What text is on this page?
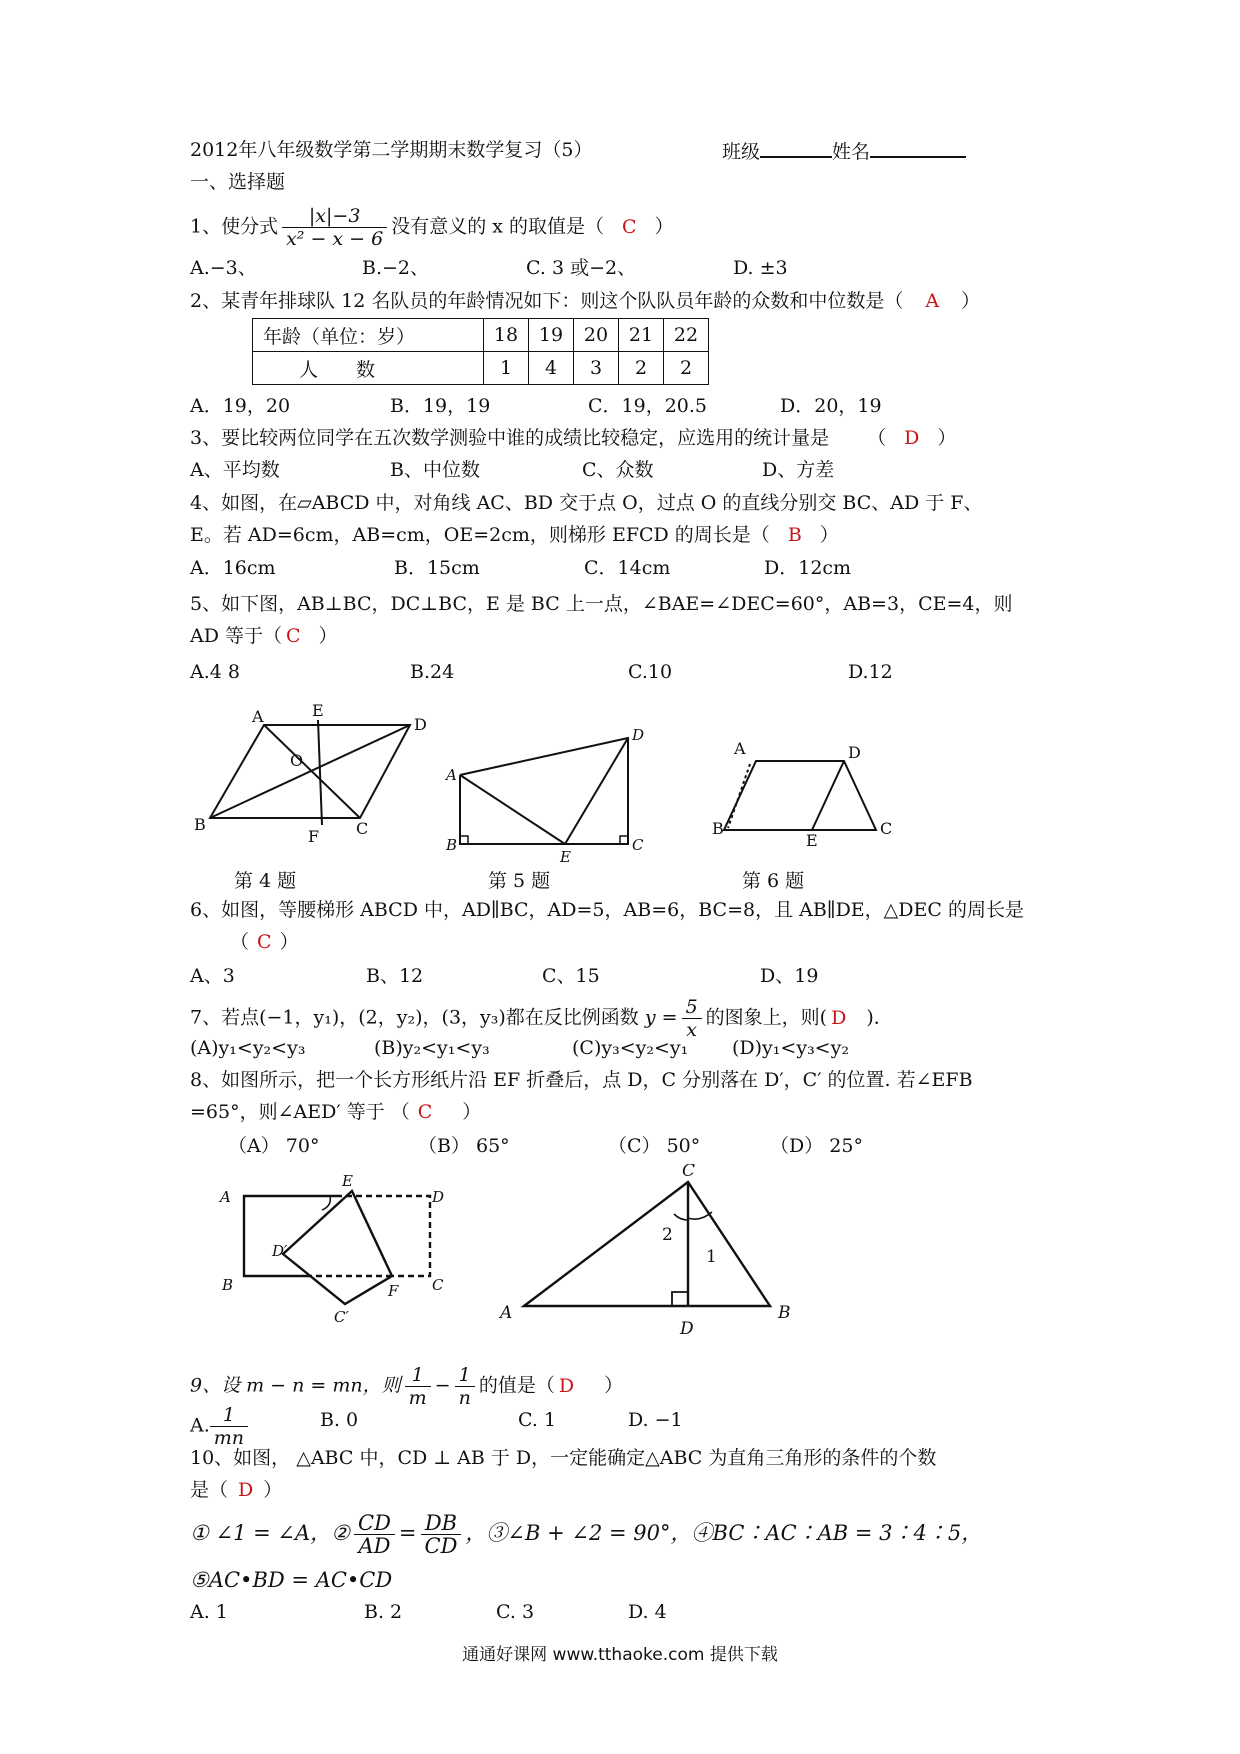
2012年八年级数学第二学期期末数学复习（5）	班级	姓名
一、选择题
1、使分式 $\frac{|x|-3}{\text{x² − x − 6}}$ 没有意义的 x 的取值是（ C ）
A.−3、	B.−2、	C. 3 或−2、	D. ±3
2、某青年排球队 12 名队员的年龄情况如下：则这个队队员年龄的众数和中位数是（ A ）
年龄（单位：岁）	18	19	20	21	22
人　　数	1	4	3	2	2
A．19，20	B．19，19	C．19，20.5	D．20，19
3、要比较两位同学在五次数学测验中谁的成绩比较稳定，应选用的统计量是 （ D ）
A、平均数	B、中位数	C、众数	D、方差
4、如图，在▱ABCD 中，对角线 AC、BD 交于点 O，过点 O 的直线分别交 BC、AD 于 F、
E。若 AD=6cm，AB=cm，OE=2cm，则梯形 EFCD 的周长是（ B ）
A．16cm	B．15cm	C．14cm	D．12cm
5、如下图，AB⊥BC，DC⊥BC，E 是 BC 上一点，∠BAE=∠DEC=60°，AB=3，CE=4，则
AD 等于（ C ）
A.4 8	B.24	C.10	D.12
A	E
D
O
B
F C
A
D
B
E
C
A	D
B
E
C
第 4 题	第 5 题	第 6 题
6、如图，等腰梯形 ABCD 中，AD∥BC，AD=5，AB=6，BC=8，且 AB∥DE，△DEC 的周长是
（ C ）
A、3	B、12	C、15	D、19
7、若点(−1，y₁)，(2，y₂)，(3，y₃)都在反比例函数 $y = \frac{5}{x}$ 的图象上，则( D )．
(A)y₁<y₂<y₃	(B)y₂<y₁<y₃	(C)y₃<y₂<y₁ (D)y₁<y₃<y₂
8、如图所示，把一个长方形纸片沿 EF 折叠后，点 D，C 分别落在 D′，C′ 的位置. 若∠EFB
=65°，则∠AED′ 等于 （ C ）
（A） 70°	（B） 65°	（C） 50°	（D） 25°
A
E
D
D′
B	C
C′
F
C
2
1
A
D
B
9、设 m − n = mn，则 $\frac{1}{m} - \frac{1}{n}$ 的值是（ D ）
A. $\frac{1}{mn}$	B. 0	C. 1	D. −1
10、如图， △ABC 中，CD ⊥ AB 于 D，一定能确定△ABC 为直角三角形的条件的个数
是（ D ）
① ∠1 = ∠A，② $\frac{CD}{AD} = \frac{DB}{CD}$ ，③∠B + ∠2 = 90°，④BC∶AC∶AB = 3∶4∶5，
⑤AC•BD = AC•CD
A. 1	B. 2	C. 3	D. 4
通通好课网 www.tthaoke.com 提供下载
